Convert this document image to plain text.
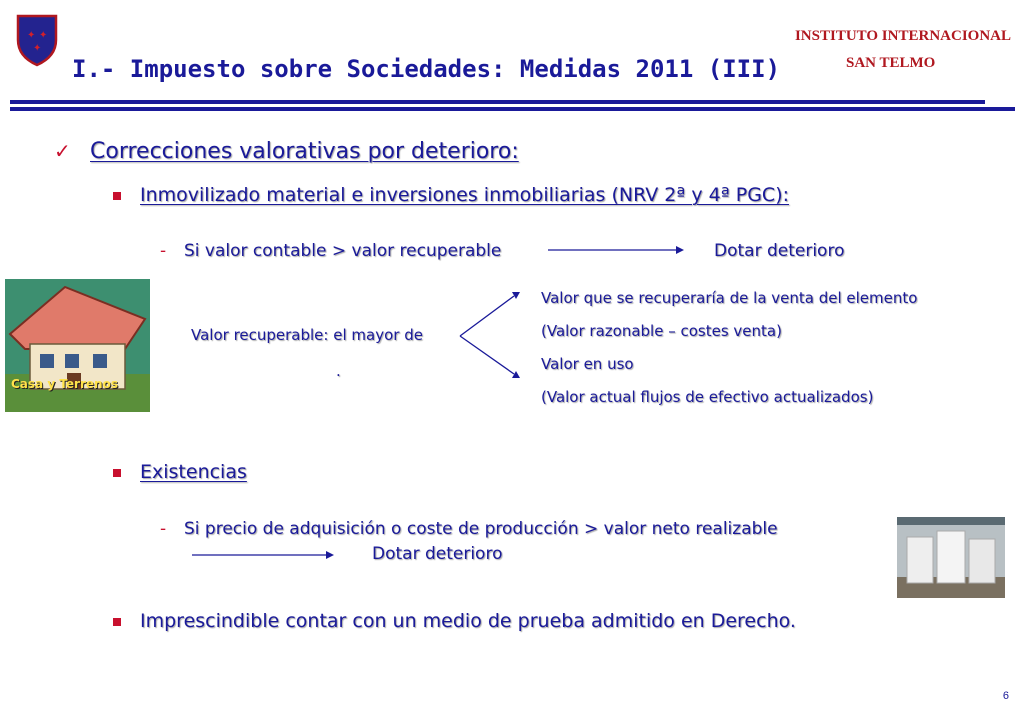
✦ ✦
✦
I.- Impuesto sobre Sociedades: Medidas 2011 (III)
INSTITUTO INTERNACIONAL
SAN TELMO
✓ Correcciones valorativas por deterioro:
Inmovilizado material e inversiones inmobiliarias (NRV 2ª y 4ª PGC):
- Si valor contable > valor recuperable	Dotar deterioro
Casa y Terrenos
Valor recuperable: el mayor de
.
Valor que se recuperaría de la venta del elemento
(Valor razonable – costes venta)
Valor en uso
(Valor actual flujos de efectivo actualizados)
Existencias
- Si precio de adquisición o coste de producción > valor neto realizable
Dotar deterioro
Imprescindible contar con un medio de prueba admitido en Derecho.
6
